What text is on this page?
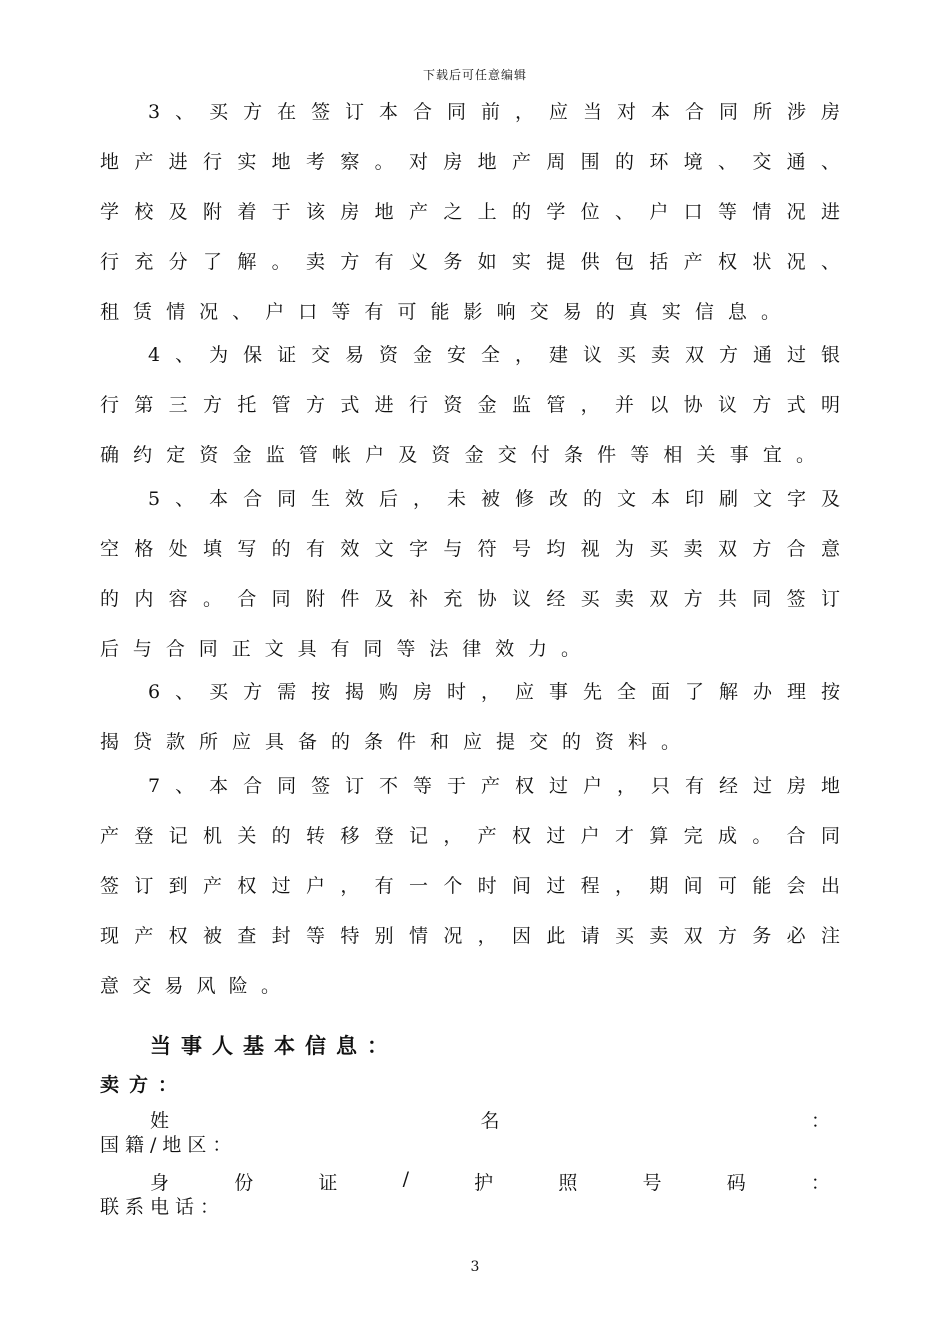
下载后可任意编辑
3、买方在签订本合同前，应当对本合同所涉房
地产进行实地考察。对房地产周围的环境、交通、
学校及附着于该房地产之上的学位、户口等情况进
行充分了解。卖方有义务如实提供包括产权状况、
租赁情况、户口等有可能影响交易的真实信息。
4、为保证交易资金安全，建议买卖双方通过银
行第三方托管方式进行资金监管，并以协议方式明
确约定资金监管帐户及资金交付条件等相关事宜。
5、本合同生效后，未被修改的文本印刷文字及
空格处填写的有效文字与符号均视为买卖双方合意
的内容。合同附件及补充协议经买卖双方共同签订
后与合同正文具有同等法律效力。
6、买方需按揭购房时，应事先全面了解办理按
揭贷款所应具备的条件和应提交的资料。
7、本合同签订不等于产权过户，只有经过房地
产登记机关的转移登记，产权过户才算完成。合同
签订到产权过户，有一个时间过程，期间可能会出
现产权被查封等特别情况，因此请买卖双方务必注
意交易风险。
当事人基本信息：
卖方：
姓	名	：
国籍/地区：
身	份	证	/	护	照	号	码	：
联系电话：
3
